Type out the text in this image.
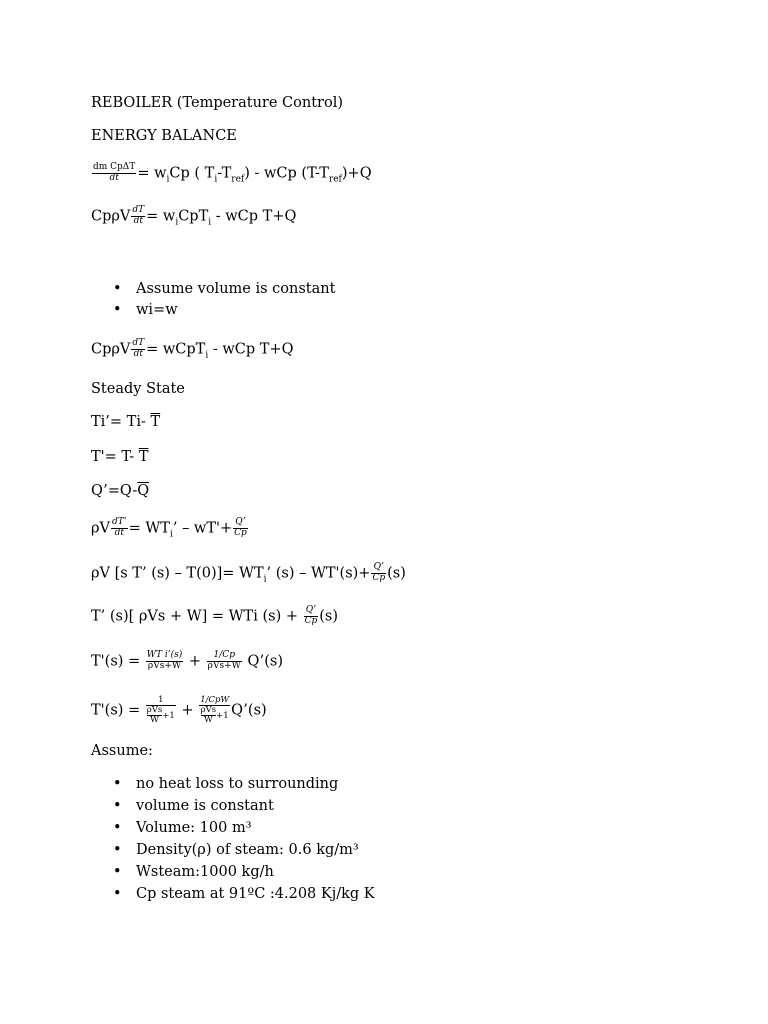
REBOILER (Temperature Control)
ENERGY BALANCE
$\frac{\text{dm CpΔT}}{dt} = w_iCp$ ( $T_i-T_{ref}$) - wCp $(T-T_{ref})+Q$
CpρV $\frac{dT}{dt} = w_iCpT_i$ - wCp T+Q
• Assume volume is constant
• wi=w
CpρV $\frac{dT}{dt}$ = wCpT$_i$ - wCp T+Q
Steady State
Ti’= Ti- $\overline{T}$
T'= T- $\overline{T}$
$Q’=Q-\overline{Q}$
ρV $\frac{dT’}{dt} = WT_i$’ – $wT'+ \frac{Q’}{Cp}$
ρV [s T’ $(s) - T(0)]= WT_i$’ $(s) - WT'(s)+ \frac{Q’}{Cp} (s)$
T’ (s)[ ρVs + W] = WTi $(s) + \frac{Q’}{Cp} (s)$
$T'(s) = \frac{\text{WT i’(s)}}{\text{ρVs+W}} + \frac{1/Cp}{\text{ρVs+W}}$ Q’(s)
T'(s) = 1
ρVs
W +1 + 1/CpW
ρVs
W +1 Q’(s)
Assume:
• no heat loss to surrounding
• volume is constant
• Volume: 100 m³
• Density(ρ) of steam: 0.6 kg/m³
• Wsteam:1000 kg/h
• Cp steam at 91ºC :4.208 Kj/kg K
